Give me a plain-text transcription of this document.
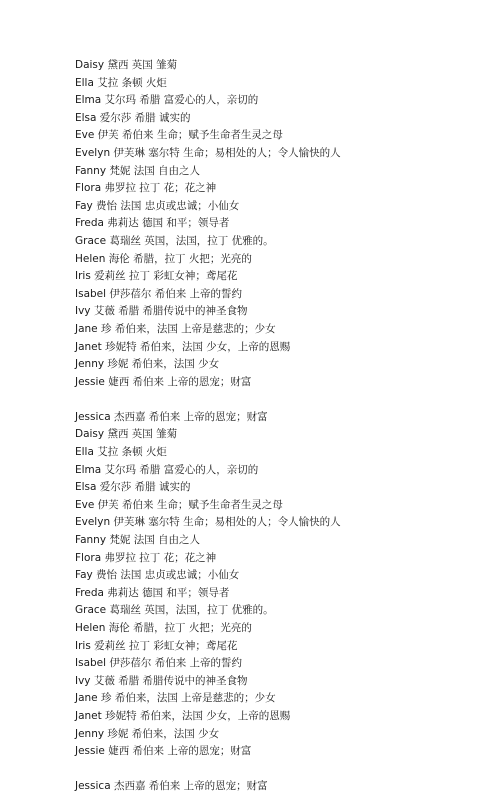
Daisy 黛西 英国 雏菊
Ella 艾拉 条顿 火炬
Elma 艾尔玛 希腊 富爱心的人，亲切的
Elsa 爱尔莎 希腊 诚实的
Eve 伊芙 希伯来 生命；赋予生命者生灵之母
Evelyn 伊芙琳 塞尔特 生命；易相处的人；令人愉快的人
Fanny 梵妮 法国 自由之人
Flora 弗罗拉 拉丁 花；花之神
Fay 费怡 法国 忠贞或忠诚；小仙女
Freda 弗莉达 德国 和平；领导者
Grace 葛瑞丝 英国，法国，拉丁 优雅的。
Helen 海伦 希腊，拉丁 火把；光亮的
Iris 爱莉丝 拉丁 彩虹女神；鸢尾花
Isabel 伊莎蓓尔 希伯来 上帝的誓约
Ivy 艾薇 希腊 希腊传说中的神圣食物
Jane 珍 希伯来，法国 上帝是慈悲的；少女
Janet 珍妮特 希伯来，法国 少女，上帝的恩赐
Jenny 珍妮 希伯来，法国 少女
Jessie 婕西 希伯来 上帝的恩宠；财富
Jessica 杰西嘉 希伯来 上帝的恩宠；财富
Daisy 黛西 英国 雏菊
Ella 艾拉 条顿 火炬
Elma 艾尔玛 希腊 富爱心的人，亲切的
Elsa 爱尔莎 希腊 诚实的
Eve 伊芙 希伯来 生命；赋予生命者生灵之母
Evelyn 伊芙琳 塞尔特 生命；易相处的人；令人愉快的人
Fanny 梵妮 法国 自由之人
Flora 弗罗拉 拉丁 花；花之神
Fay 费怡 法国 忠贞或忠诚；小仙女
Freda 弗莉达 德国 和平；领导者
Grace 葛瑞丝 英国，法国，拉丁 优雅的。
Helen 海伦 希腊，拉丁 火把；光亮的
Iris 爱莉丝 拉丁 彩虹女神；鸢尾花
Isabel 伊莎蓓尔 希伯来 上帝的誓约
Ivy 艾薇 希腊 希腊传说中的神圣食物
Jane 珍 希伯来，法国 上帝是慈悲的；少女
Janet 珍妮特 希伯来，法国 少女，上帝的恩赐
Jenny 珍妮 希伯来，法国 少女
Jessie 婕西 希伯来 上帝的恩宠；财富
Jessica 杰西嘉 希伯来 上帝的恩宠；财富
